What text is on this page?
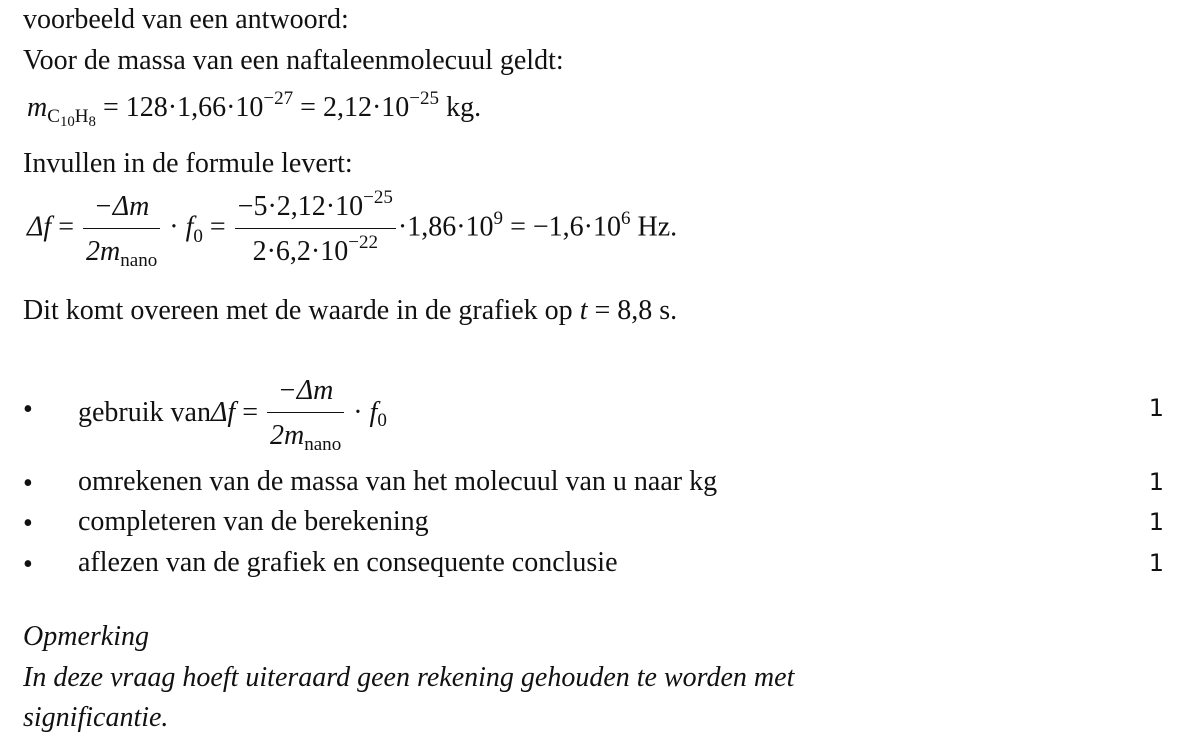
voorbeeld van een antwoord:
Voor de massa van een naftaleenmolecuul geldt:
$m_{C_{10}H_8} = 128\cdot 1,66\cdot 10^{-27} = 2,12\cdot 10^{-25}$ kg.
Invullen in de formule levert:
$\Delta f = \frac{-\Delta m}{2m_{nano}} \cdot f_0 = \frac{-5\cdot 2,12\cdot 10^{-25}}{2\cdot 6,2\cdot 10^{-22}} \cdot 1,86\cdot 10^9 = -1,6\cdot 10^6$ Hz.
Dit komt overeen met de waarde in de grafiek op t = 8,8 s.
•	gebruik $van\Delta f = \frac{-\Delta m}{2m_{nano}} \cdot f_0$	1
•	omrekenen van de massa van het molecuul van u naar kg	1
•	completeren van de berekening	1
•	aflezen van de grafiek en consequente conclusie	1
Opmerking
In deze vraag hoeft uiteraard geen rekening gehouden te worden met
significantie.
